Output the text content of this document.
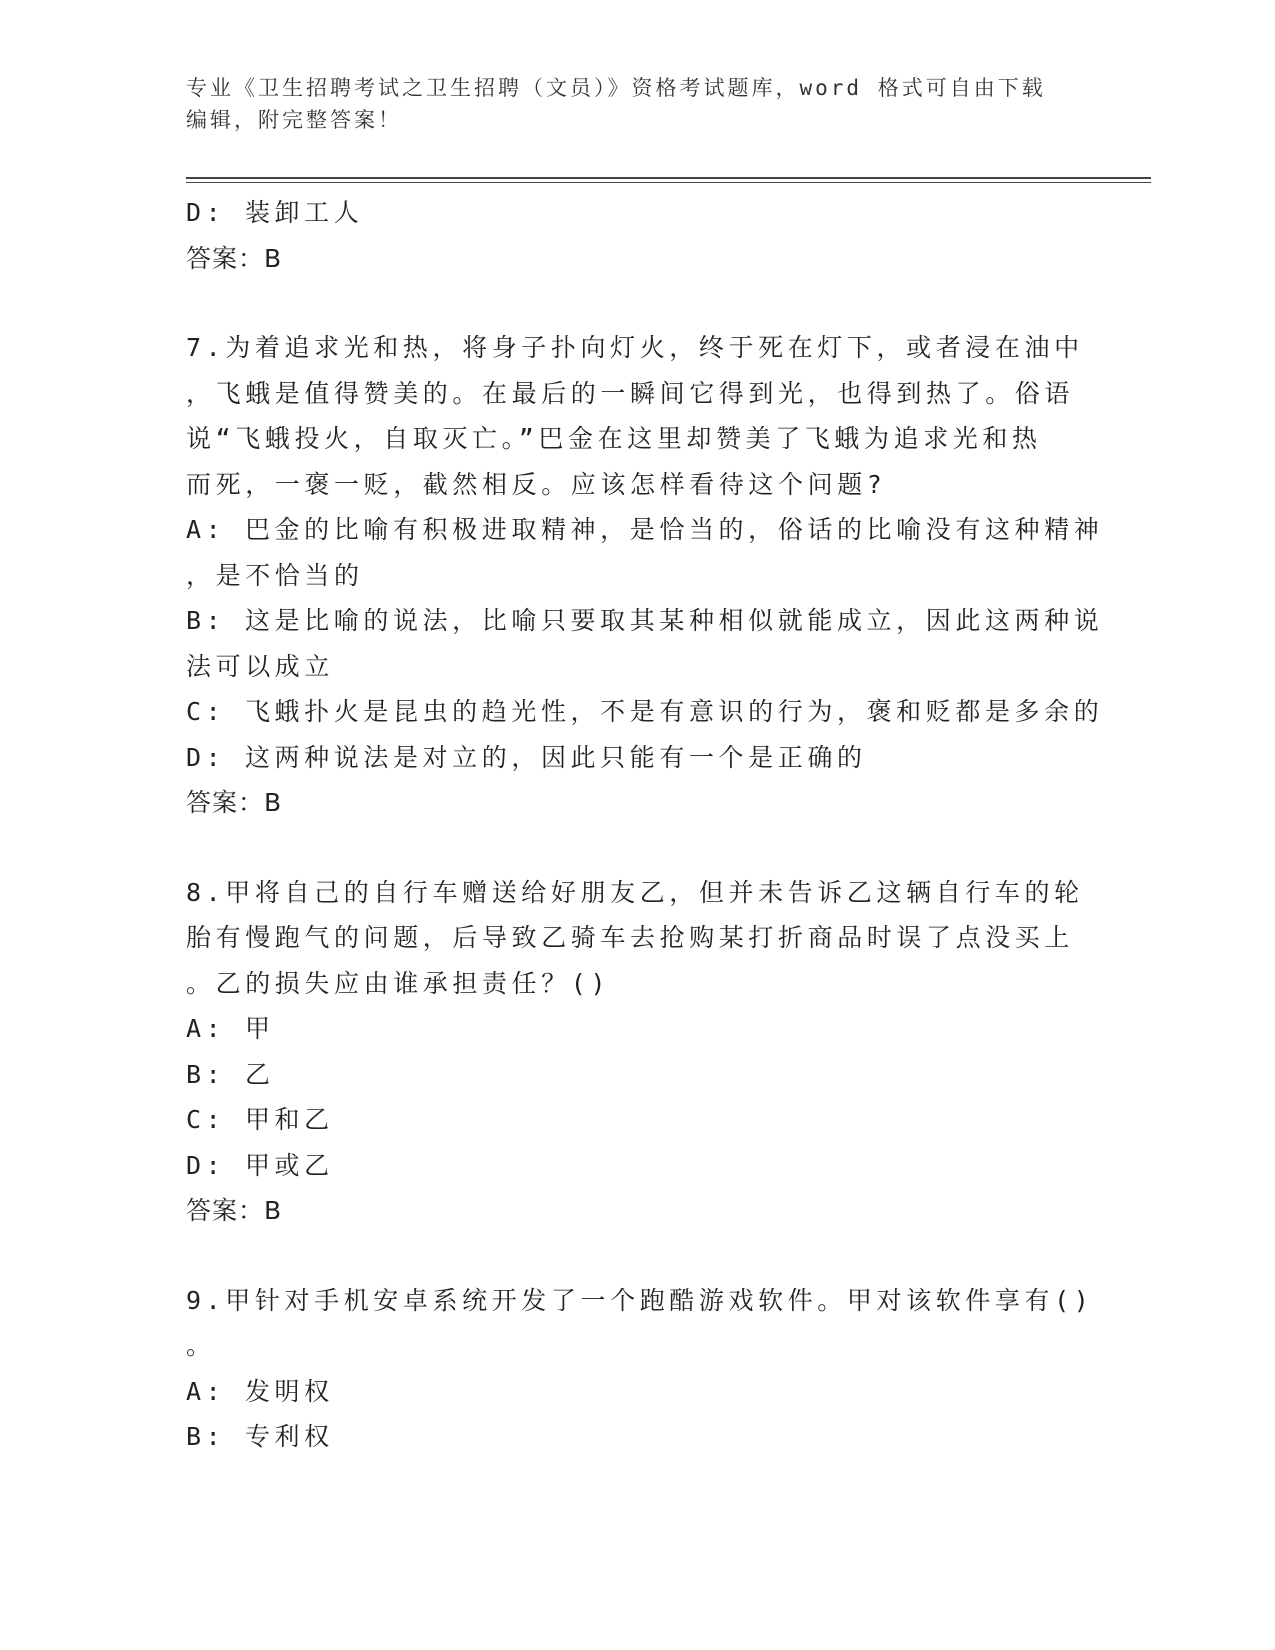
专业《卫生招聘考试之卫生招聘（文员）》资格考试题库，word 格式可自由下载
编辑，附完整答案！
D: 装卸工人
答案：B
7.为着追求光和热，将身子扑向灯火，终于死在灯下，或者浸在油中
，飞蛾是值得赞美的。在最后的一瞬间它得到光，也得到热了。俗语
说“飞蛾投火，自取灭亡。”巴金在这里却赞美了飞蛾为追求光和热
而死，一褒一贬，截然相反。应该怎样看待这个问题?
A: 巴金的比喻有积极进取精神，是恰当的，俗话的比喻没有这种精神
，是不恰当的
B: 这是比喻的说法，比喻只要取其某种相似就能成立，因此这两种说
法可以成立
C: 飞蛾扑火是昆虫的趋光性，不是有意识的行为，褒和贬都是多余的
D: 这两种说法是对立的，因此只能有一个是正确的
答案：B
8.甲将自己的自行车赠送给好朋友乙，但并未告诉乙这辆自行车的轮
胎有慢跑气的问题，后导致乙骑车去抢购某打折商品时误了点没买上
。乙的损失应由谁承担责任？()
A: 甲
B: 乙
C: 甲和乙
D: 甲或乙
答案：B
9.甲针对手机安卓系统开发了一个跑酷游戏软件。甲对该软件享有()
。
A: 发明权
B: 专利权
